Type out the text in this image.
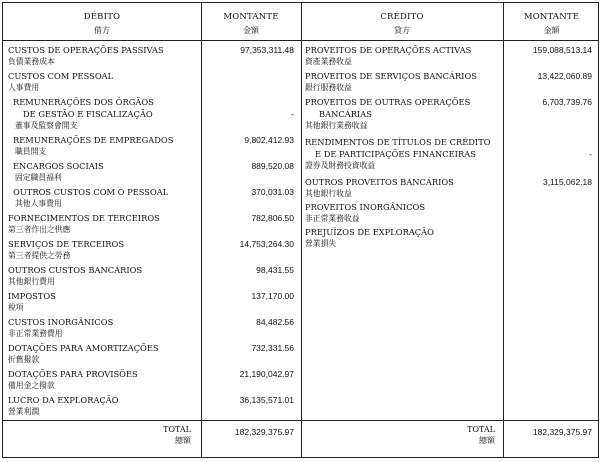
DÉBITO
借方
MONTANTE
金額
CRÉDITO
貸方
MONTANTE
金額
CUSTOS DE OPERAÇÕES PASSIVAS
負債業務成本
97,353,311.48
CUSTOS COM PESSOAL
人事費用
REMUNERAÇÕES DOS ÓRGÃOS
DE GESTÃO E FISCALIZAÇÃO
董事及監察會開支
-
REMUNERAÇÕES DE EMPREGADOS
職員開支
9,802,412.93
ENCARGOS SOCIAIS
固定職員福利
889,520.08
OUTROS CUSTOS COM O PESSOAL
其他人事費用
370,031.03
FORNECIMENTOS DE TERCEIROS
第三者作出之供應
782,806.50
SERVIÇOS DE TERCEIROS
第三者提供之勞務
14,753,264.30
OUTROS CUSTOS BANCÁRIOS
其他銀行費用
98,431.55
IMPOSTOS
稅項
137,170.00
CUSTOS INORGÂNICOS
非正常業務費用
84,482.56
DOTAÇÕES PARA AMORTIZAÇÕES
折舊撥款
732,331.56
DOTAÇÕES PARA PROVISÕES
備用金之撥款
21,190,042.97
LUCRO DA EXPLORAÇÃO
營業利潤
36,135,571.01
PROVEITOS DE OPERAÇÕES ACTIVAS
資產業務收益
159,088,513.14
PROVEITOS DE SERVIÇOS BANCÁRIOS
銀行服務收益
13,422,060.89
PROVEITOS DE OUTRAS OPERAÇÕES
BANCÁRIAS
其他銀行業務收益
6,703,739.76
RENDIMENTOS DE TÍTULOS DE CRÉDITO
E DE PARTICIPAÇÕES FINANCEIRAS
證券及財務投資收益
-
OUTROS PROVEITOS BANCÁRIOS
其他銀行收益
3,115,062.18
PROVEITOS INORGÂNICOS
非正常業務收益
PREJUÍZOS DE EXPLORAÇÃO
營業損失
TOTAL
總額
182,329,375.97	TOTAL
總額
182,329,375.97
